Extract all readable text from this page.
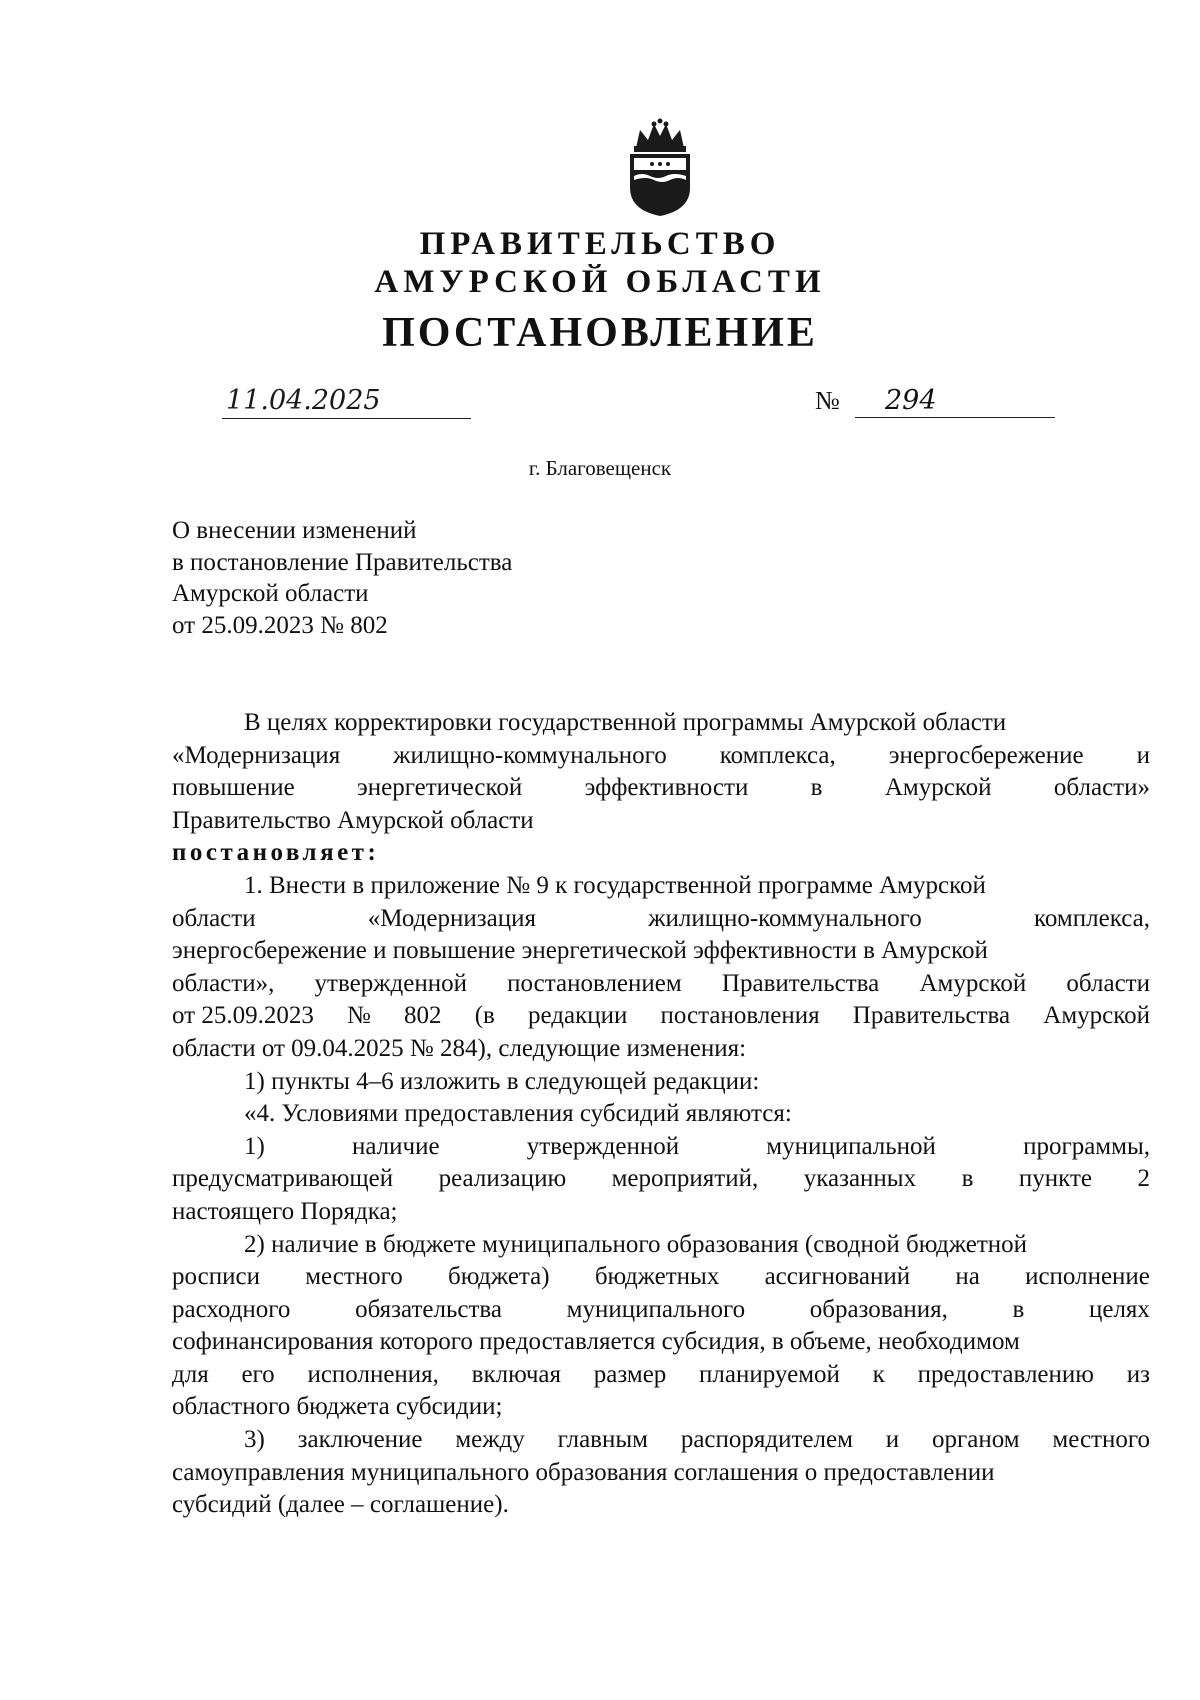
ПРАВИТЕЛЬСТВО
АМУРСКОЙ ОБЛАСТИ
ПОСТАНОВЛЕНИЕ
11.04.2025	№	294
г. Благовещенск
О внесении изменений
в постановление Правительства
Амурской области
от 25.09.2023 № 802
В целях корректировки государственной программы Амурской области
«Модернизация жилищно-коммунального комплекса, энергосбережение и
повышение энергетической эффективности в Амурской области»
Правительство Амурской области
постановляет:
1. Внести в приложение № 9 к государственной программе Амурской
области	«Модернизация	жилищно-коммунального	комплекса,
энергосбережение и повышение энергетической эффективности в Амурской
области», утвержденной постановлением Правительства Амурской области
от 25.09.2023 № 802 (в редакции постановления Правительства Амурской
области от 09.04.2025 № 284), следующие изменения:
1) пункты 4–6 изложить в следующей редакции:
«4. Условиями предоставления субсидий являются:
1)	наличие	утвержденной	муниципальной	программы,
предусматривающей реализацию мероприятий, указанных в пункте 2
настоящего Порядка;
2) наличие в бюджете муниципального образования (сводной бюджетной
росписи местного бюджета) бюджетных ассигнований на исполнение
расходного	обязательства	муниципального	образования,	в	целях
софинансирования которого предоставляется субсидия, в объеме, необходимом
для его исполнения, включая размер планируемой к предоставлению из
областного бюджета субсидии;
3) заключение между главным распорядителем и органом местного
самоуправления муниципального образования соглашения о предоставлении
субсидий (далее – соглашение).
